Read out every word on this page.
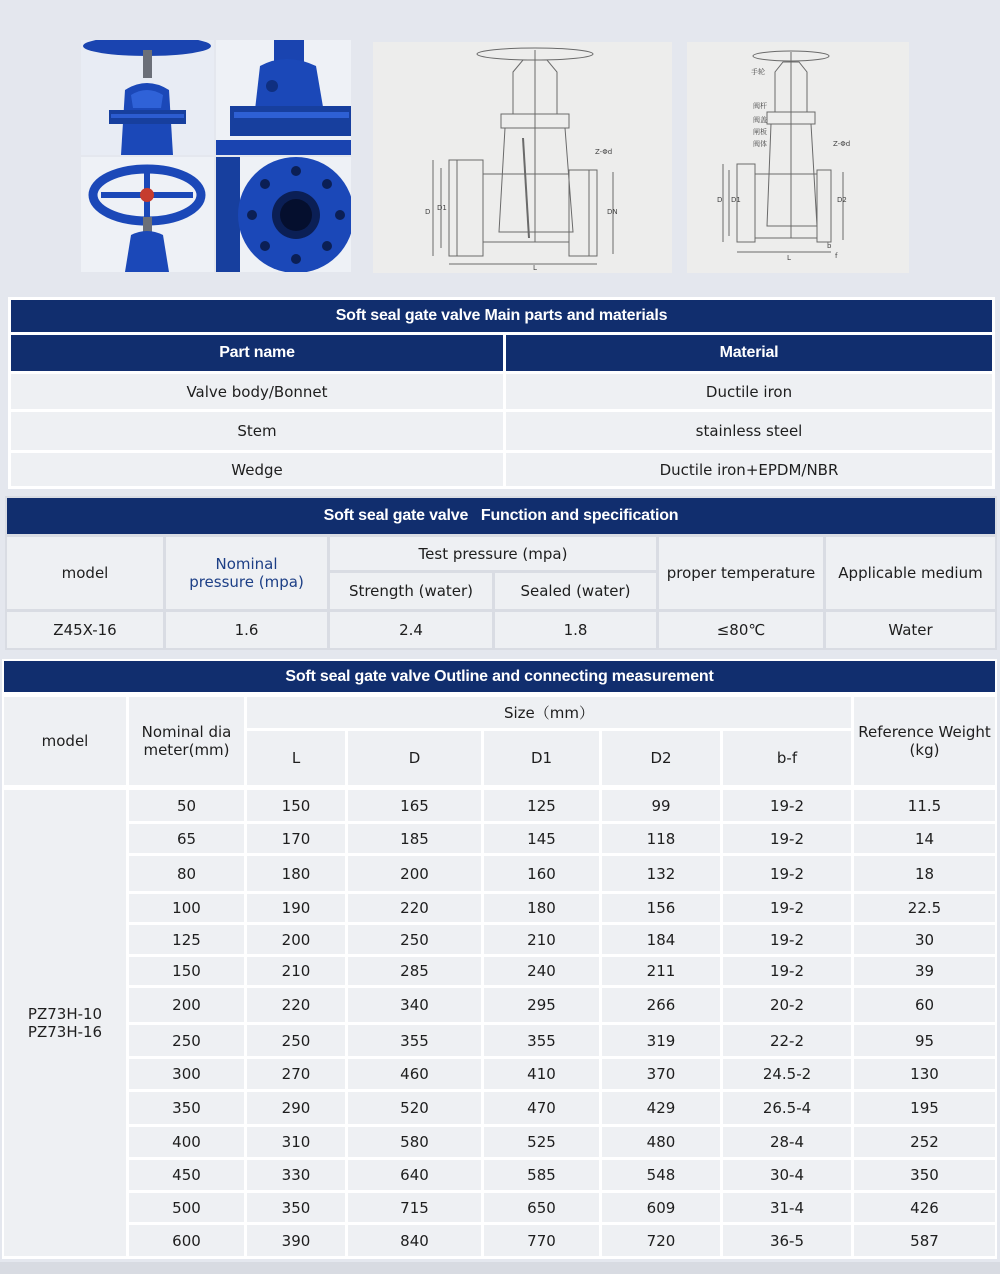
Z-Φd
L
D D1	DN
手轮
阀杆
阀盖
闸板
阀体	Z-Φd
L
D D1	D2
b
f
Soft seal gate valve Main parts and materials
Part name	Material
Valve body/Bonnet	Ductile iron
Stem	stainless steel
Wedge	Ductile iron+EPDM/NBR
Soft seal gate valve   Function and specification
model	Nominal pressure (mpa)
Test pressure (mpa)
Strength (water)	Sealed (water)
proper temperature	Applicable medium
Z45X-16	1.6	2.4	1.8	≤80℃	Water
Soft seal gate valve Outline and connecting measurement
model	Nominal diameter(mm)
Size（mm）
L	D	D1	D2	b-f
Reference Weight(kg)
PZ73H-10
PZ73H-16
50	150	165	125	99	19-2	11.5
65	170	185	145	118	19-2	14
80	180	200	160	132	19-2	18
100	190	220	180	156	19-2	22.5
125	200	250	210	184	19-2	30
150	210	285	240	211	19-2	39
200	220	340	295	266	20-2	60
250	250	355	355	319	22-2	95
300	270	460	410	370	24.5-2	130
350	290	520	470	429	26.5-4	195
400	310	580	525	480	28-4	252
450	330	640	585	548	30-4	350
500	350	715	650	609	31-4	426
600	390	840	770	720	36-5	587
